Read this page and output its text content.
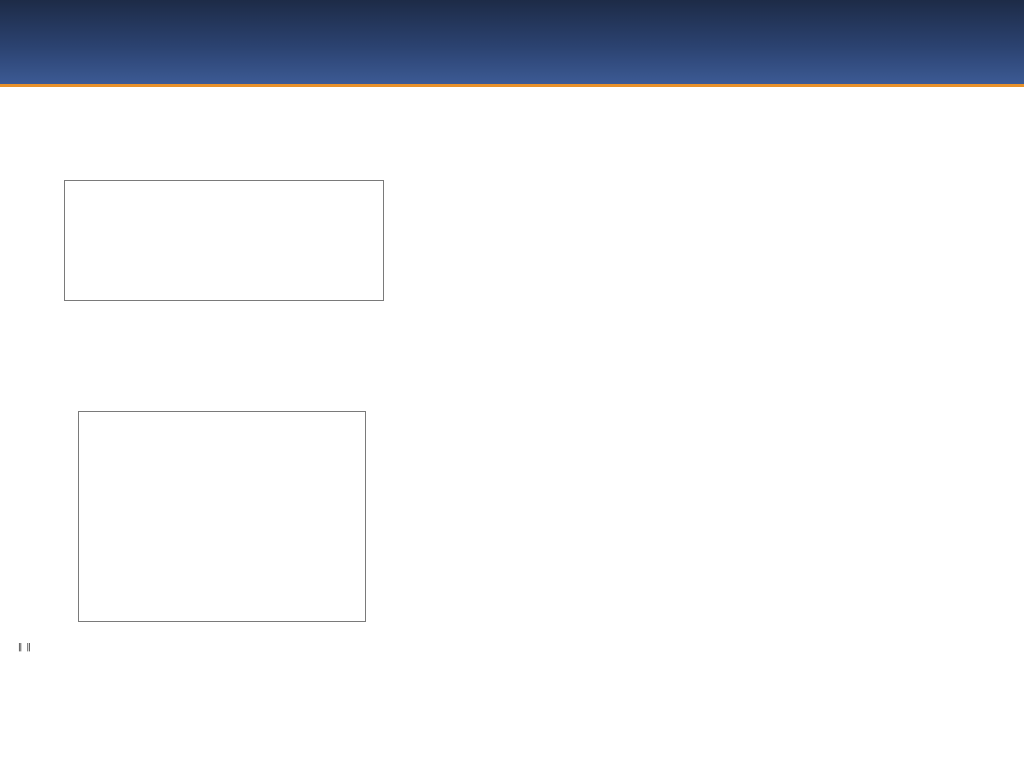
$_\parallel$ $_\parallel$
